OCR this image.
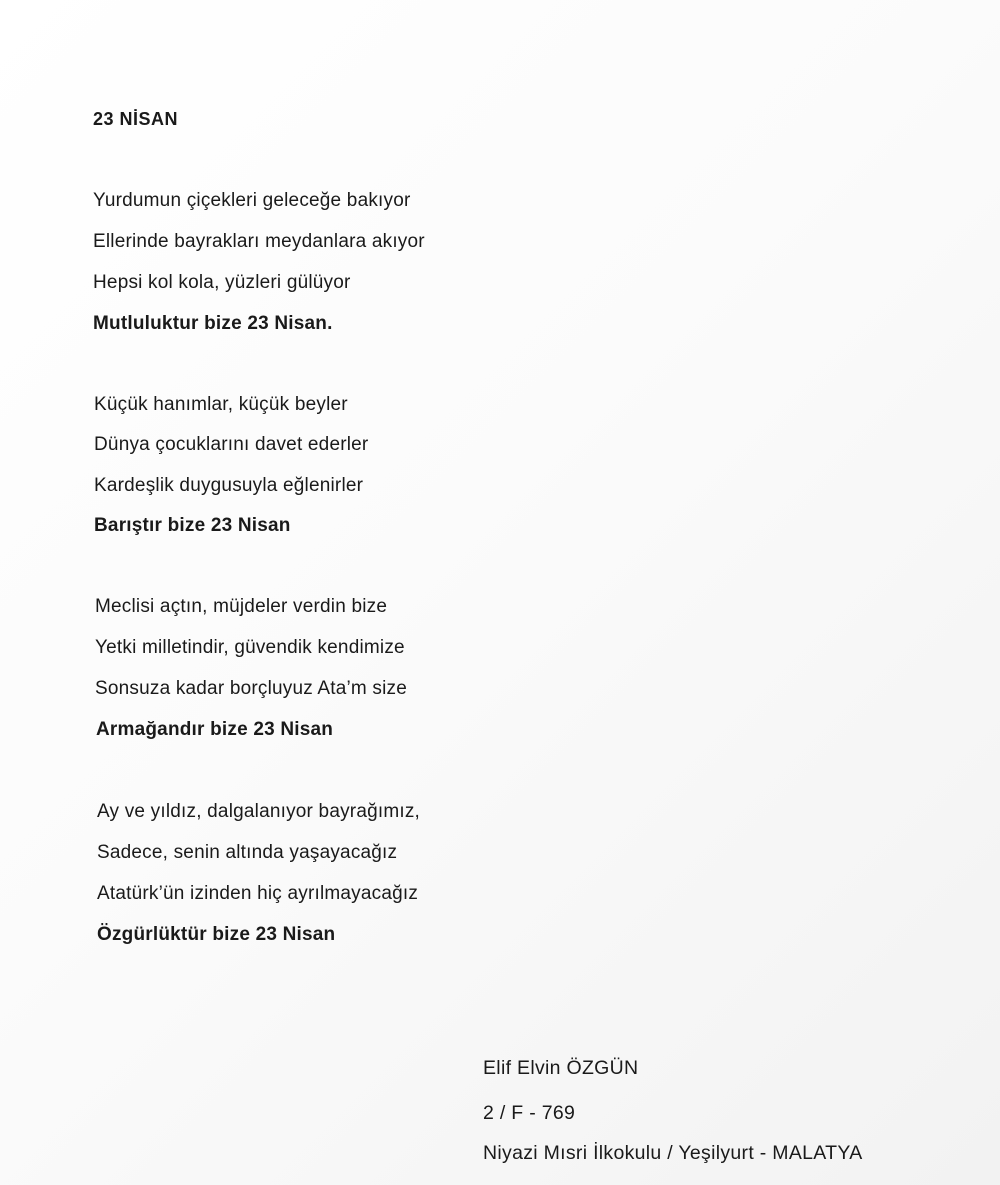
23 NİSAN
Yurdumun çiçekleri geleceğe bakıyor
Ellerinde bayrakları meydanlara akıyor
Hepsi kol kola, yüzleri gülüyor
Mutluluktur bize 23 Nisan.
Küçük hanımlar, küçük beyler
Dünya çocuklarını davet ederler
Kardeşlik duygusuyla eğlenirler
Barıştır bize 23 Nisan
Meclisi açtın, müjdeler verdin bize
Yetki milletindir, güvendik kendimize
Sonsuza kadar borçluyuz Ata’m size
Armağandır bize 23 Nisan
Ay ve yıldız, dalgalanıyor bayrağımız,
Sadece, senin altında yaşayacağız
Atatürk’ün izinden hiç ayrılmayacağız
Özgürlüktür bize 23 Nisan
Elif Elvin ÖZGÜN
2 / F - 769
Niyazi Mısri İlkokulu / Yeşilyurt - MALATYA
